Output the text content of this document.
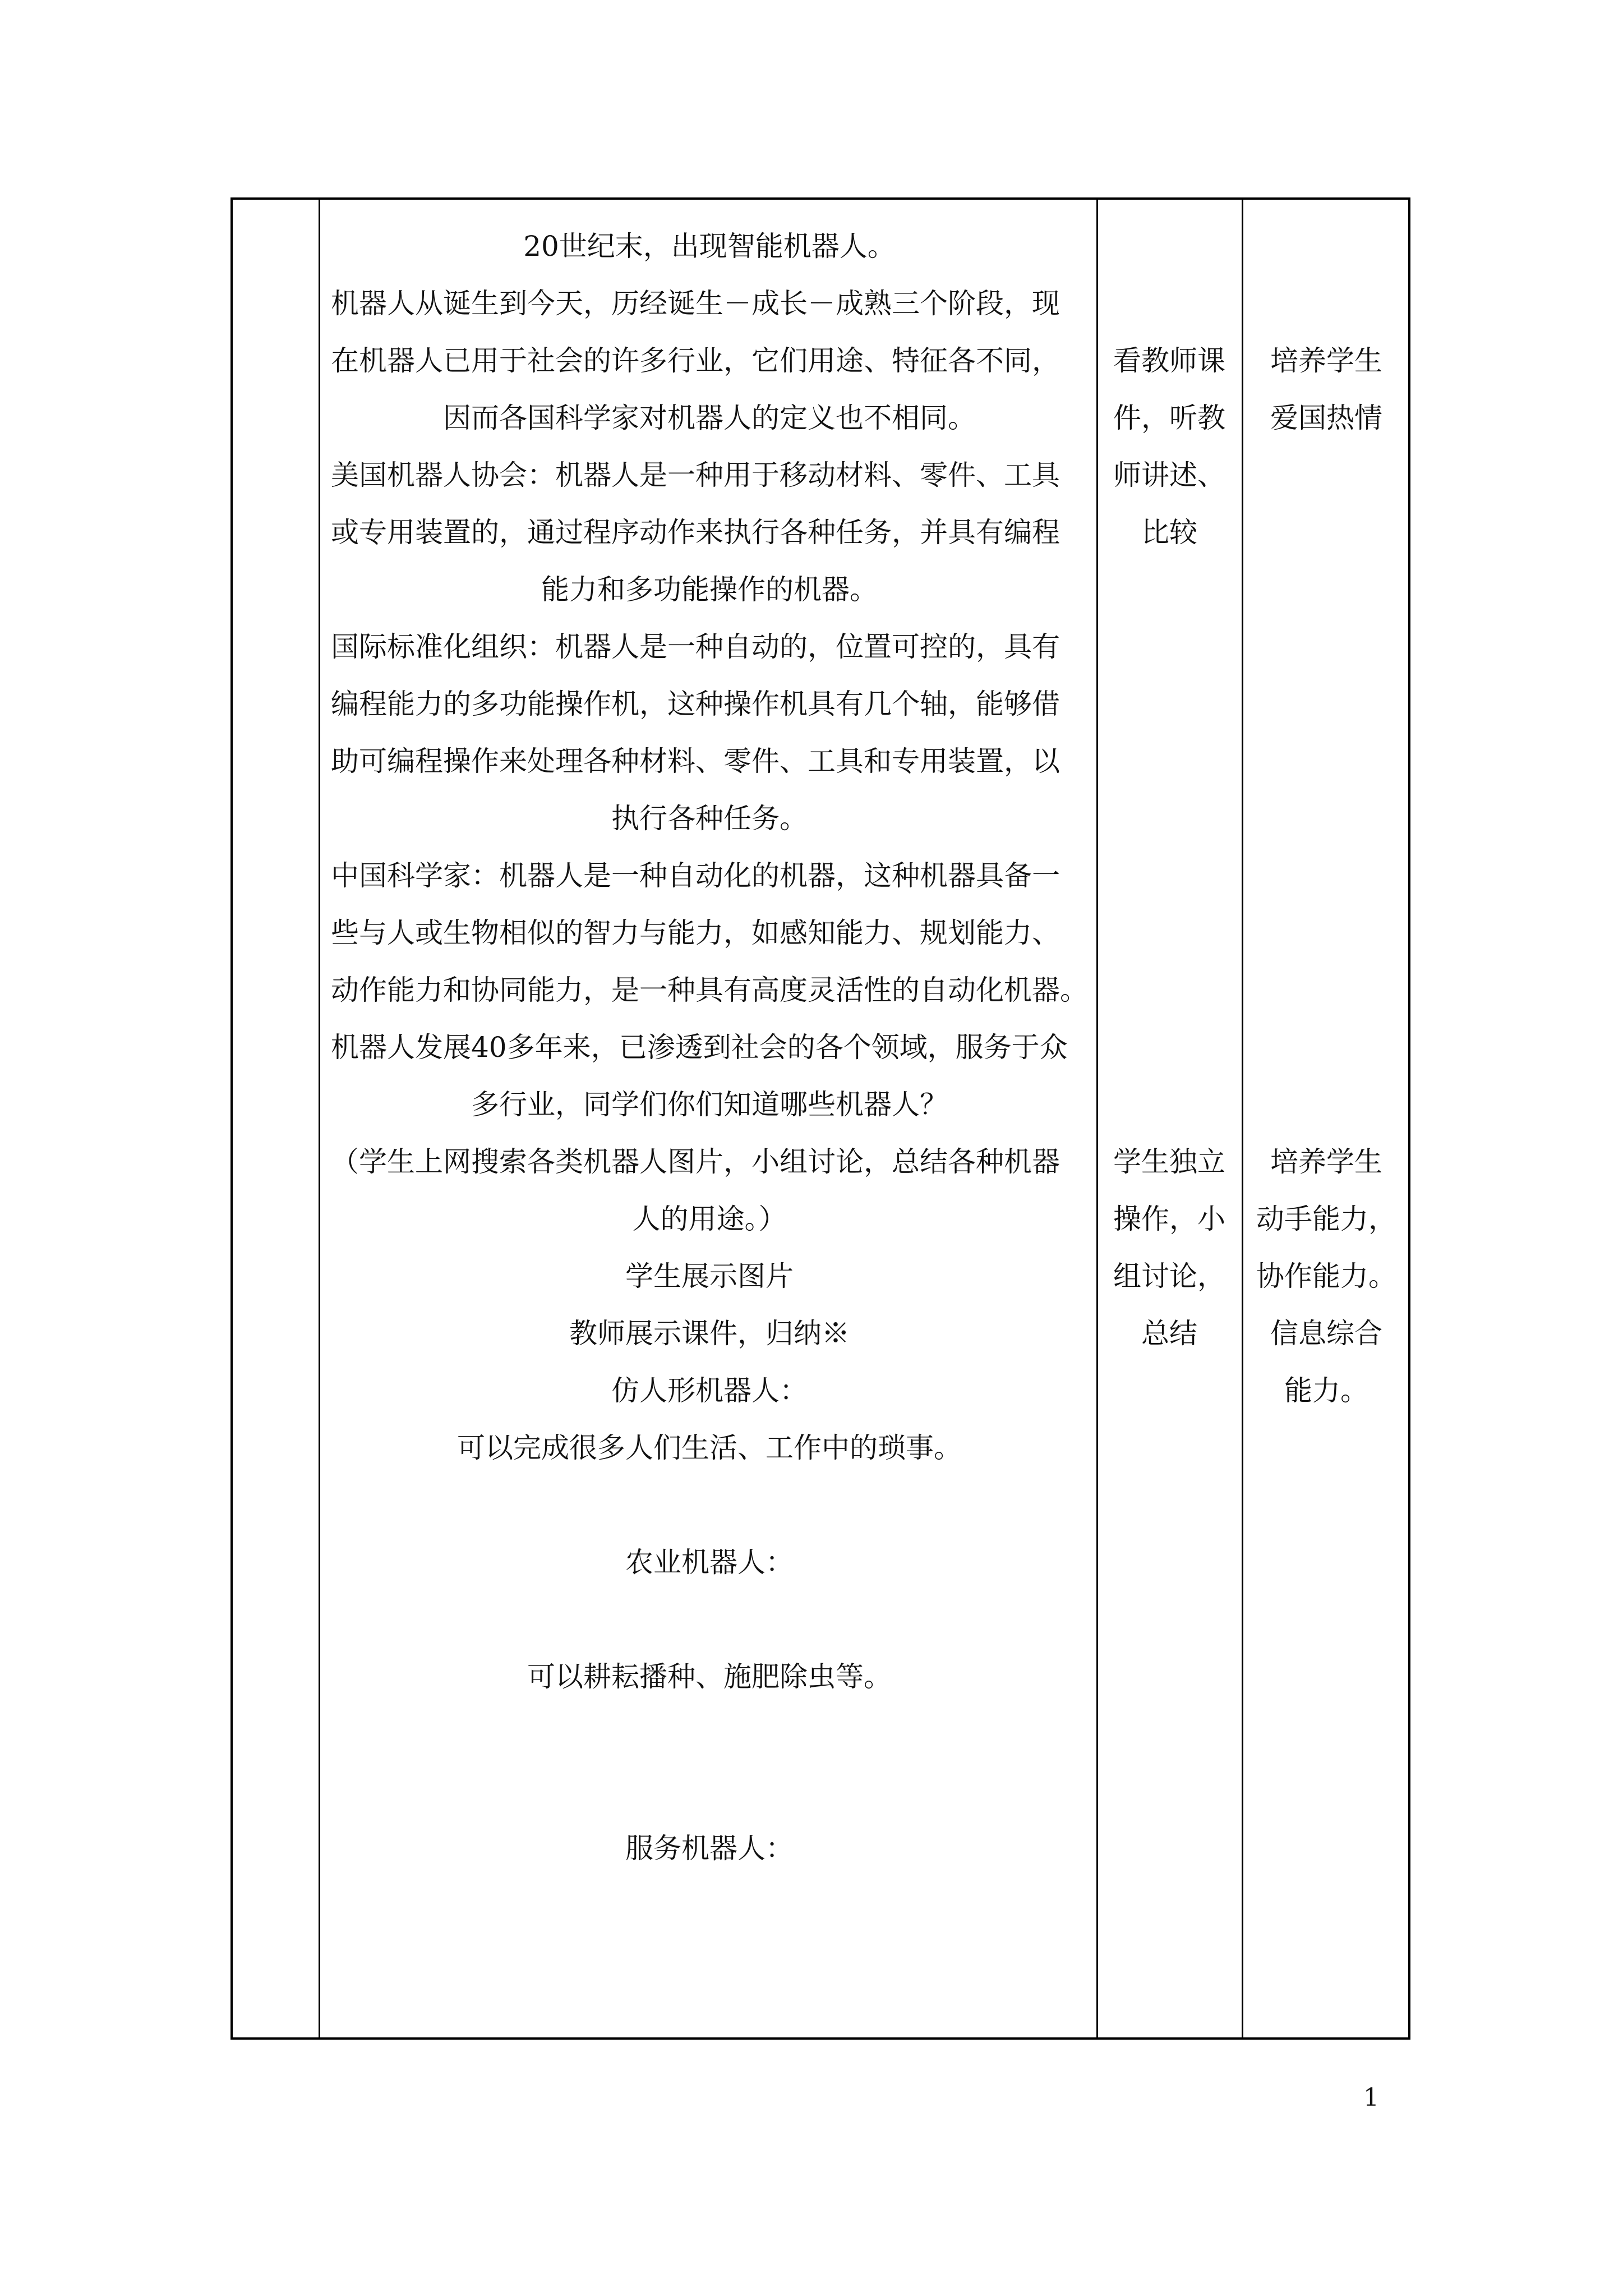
20世纪末，出现智能机器人。
机器人从诞生到今天，历经诞生－成长－成熟三个阶段，现
在机器人已用于社会的许多行业，它们用途、特征各不同，
因而各国科学家对机器人的定义也不相同。
美国机器人协会：机器人是一种用于移动材料、零件、工具
或专用装置的，通过程序动作来执行各种任务，并具有编程
能力和多功能操作的机器。
国际标准化组织：机器人是一种自动的，位置可控的，具有
编程能力的多功能操作机，这种操作机具有几个轴，能够借
助可编程操作来处理各种材料、零件、工具和专用装置，以
执行各种任务。
中国科学家：机器人是一种自动化的机器，这种机器具备一
些与人或生物相似的智力与能力，如感知能力、规划能力、
动作能力和协同能力，是一种具有高度灵活性的自动化机器。
机器人发展40多年来，已渗透到社会的各个领域，服务于众
多行业，同学们你们知道哪些机器人？
（学生上网搜索各类机器人图片，小组讨论，总结各种机器
人的用途。）
学生展示图片
教师展示课件，归纳※
仿人形机器人：
可以完成很多人们生活、工作中的琐事。
农业机器人：
可以耕耘播种、施肥除虫等。
服务机器人：
看教师课
件，听教
师讲述、
比较
学生独立
操作，小
组讨论，
总结
培养学生
爱国热情
培养学生
动手能力，
协作能力。
信息综合
能力。
1
